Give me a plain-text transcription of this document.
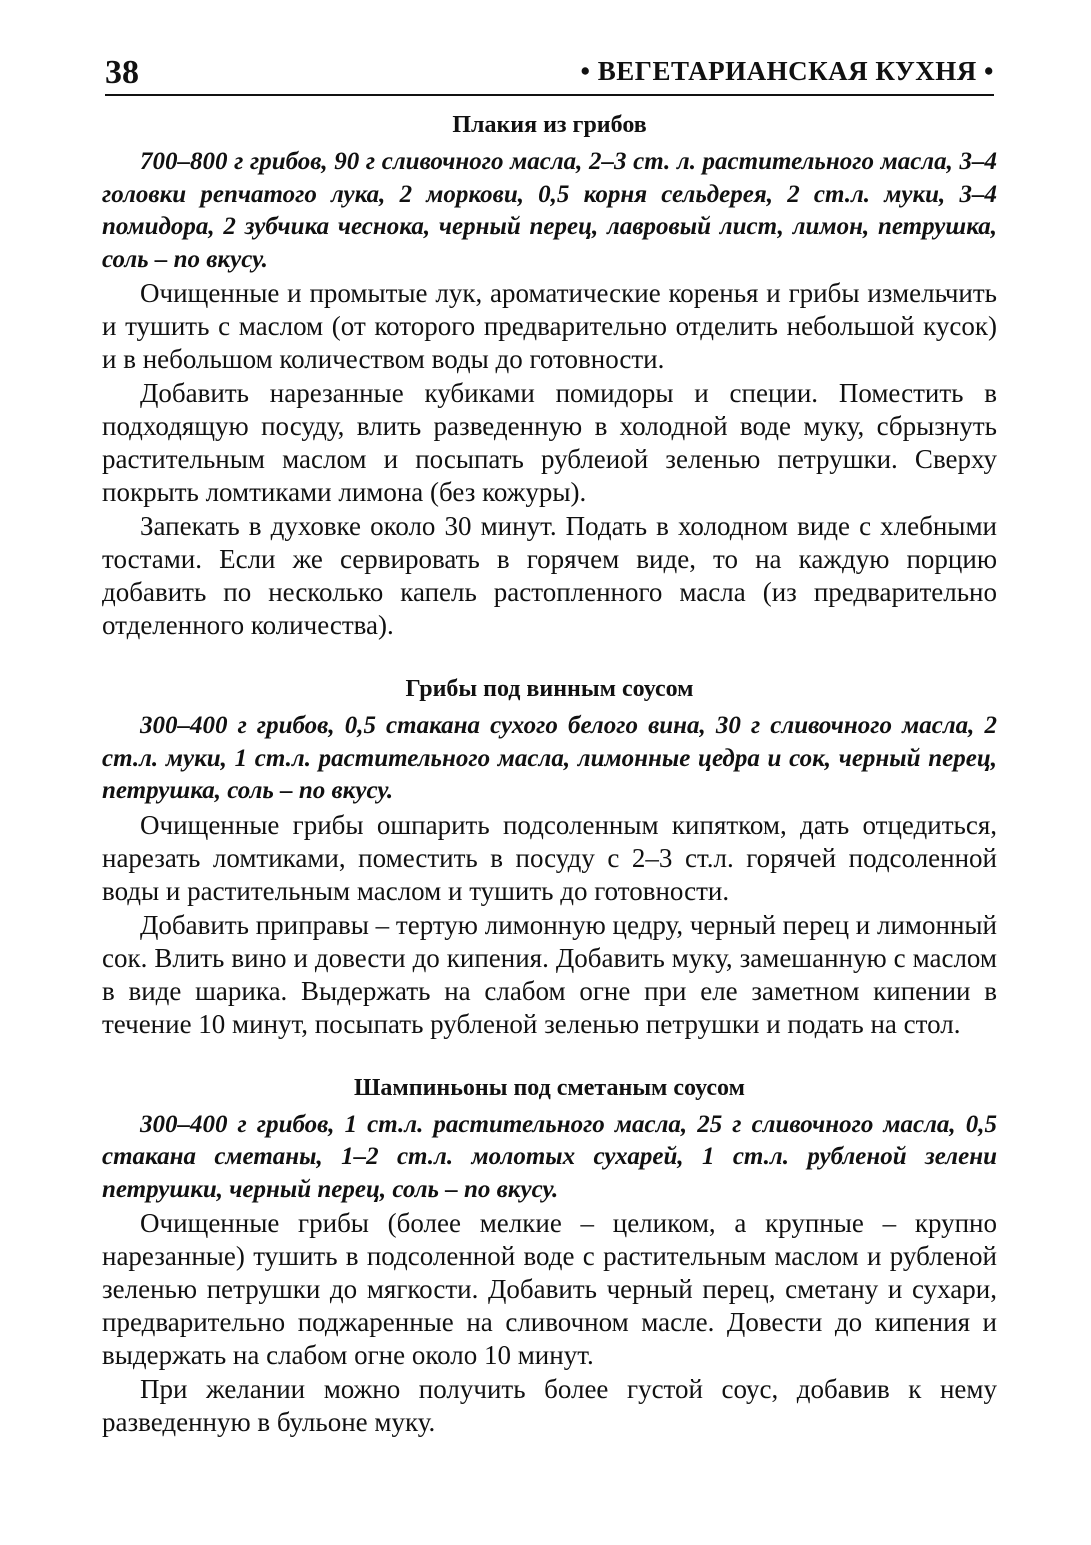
38	• ВЕГЕТАРИАНСКАЯ КУХНЯ •
Плакия из грибов

700–800 г грибов, 90 г сливочного масла, 2–3 ст. л. растительного масла, 3–4 головки репчатого лука, 2 моркови, 0,5 корня сельдерея, 2 ст.л. муки, 3–4 помидора, 2 зубчика чеснока, черный перец, лавровый лист, лимон, петрушка, соль – по вкусу.

Очищенные и промытые лук, ароматические коренья и грибы измельчить и тушить с маслом (от которого предварительно отделить небольшой кусок) и в небольшом количеством воды до готовности.

Добавить нарезанные кубиками помидоры и специи. Поместить в подходящую посуду, влить разведенную в холодной воде муку, сбрызнуть растительным маслом и посыпать рублеиой зеленью петрушки. Сверху покрыть ломтиками лимона (без кожуры).

Запекать в духовке около 30 минут. Подать в холодном виде с хлебными тостами. Если же сервировать в горячем виде, то на каждую порцию добавить по несколько капель растопленного масла (из предварительно отделенного количества).

Грибы под винным соусом

300–400 г грибов, 0,5 стакана сухого белого вина, 30 г сливочного масла, 2 ст.л. муки, 1 ст.л. растительного масла, лимонные цедра и сок, черный перец, петрушка, соль – по вкусу.

Очищенные грибы ошпарить подсоленным кипятком, дать отцедиться, нарезать ломтиками, поместить в посуду с 2–3 ст.л. горячей подсоленной воды и растительным маслом и тушить до готовности.

Добавить приправы – тертую лимонную цедру, черный перец и лимонный сок. Влить вино и довести до кипения. Добавить муку, замешанную с маслом в виде шарика. Выдержать на слабом огне при еле заметном кипении в течение 10 минут, посыпать рубленой зеленью петрушки и подать на стол.

Шампиньоны под сметаным соусом

300–400 г грибов, 1 ст.л. растительного масла, 25 г сливочного масла, 0,5 стакана сметаны, 1–2 ст.л. молотых сухарей, 1 ст.л. рубленой зелени петрушки, черный перец, соль – по вкусу.

Очищенные грибы (более мелкие – целиком, а крупные – крупно нарезанные) тушить в подсоленной воде с растительным маслом и рубленой зеленью петрушки до мягкости. Добавить черный перец, сметану и сухари, предварительно поджаренные на сливочном масле. Довести до кипения и выдержать на слабом огне около 10 минут.

При желании можно получить более густой соус, добавив к нему разведенную в бульоне муку.
